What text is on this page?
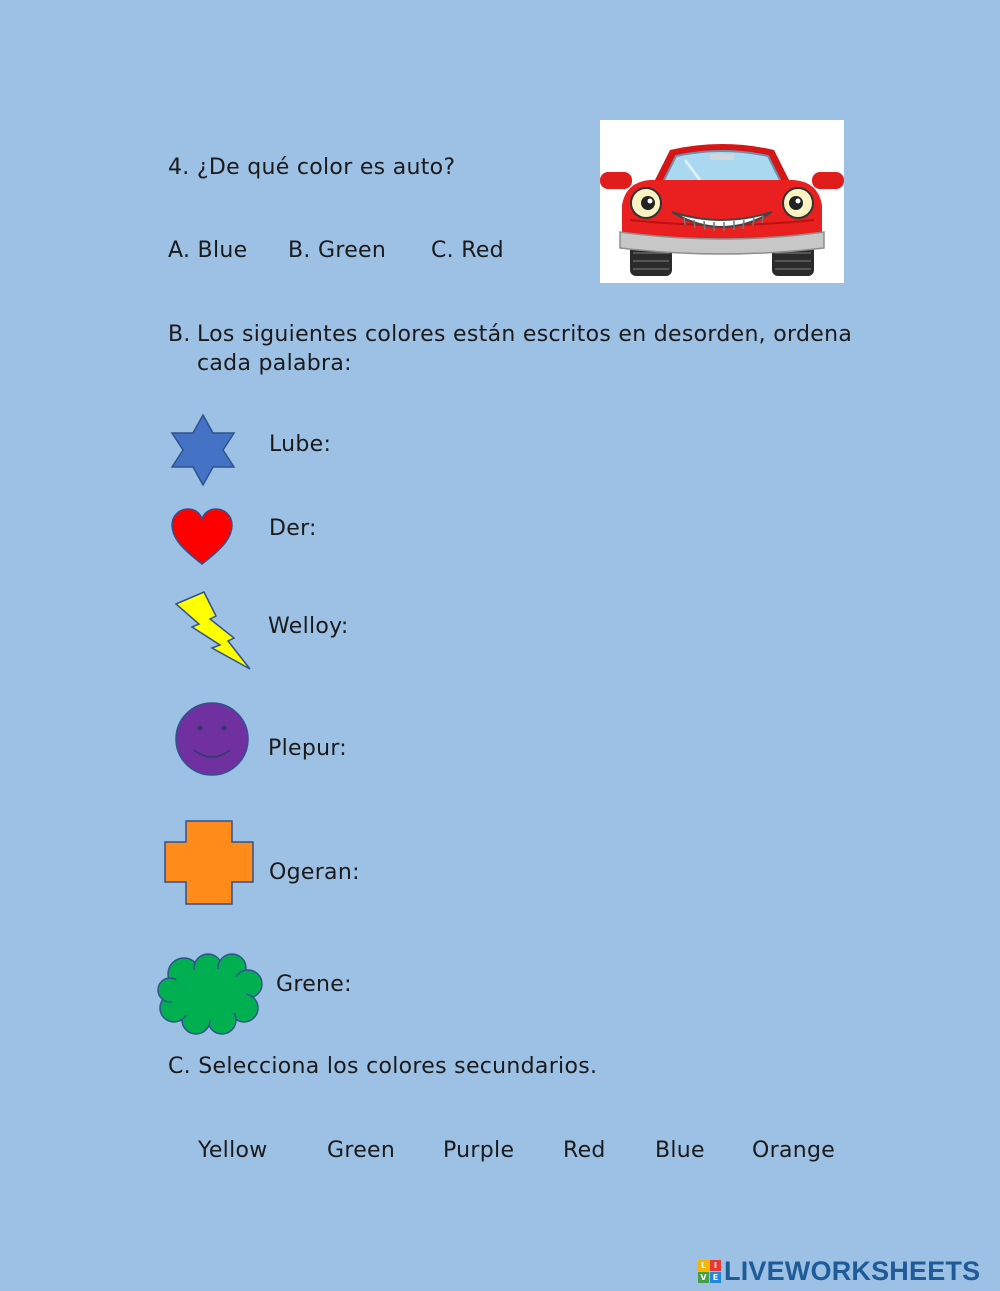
4. ¿De qué color es auto?
A. Blue B. Green C. Red
B. Los siguientes colores están escritos en desorden, ordena cada palabra:
Lube:
Der:
Welloy:
Plepur:
Ogeran:
Grene:
C. Selecciona los colores secundarios.
Yellow	Green Purple Red Blue Orange
L I
V E LIVEWORKSHEETS
